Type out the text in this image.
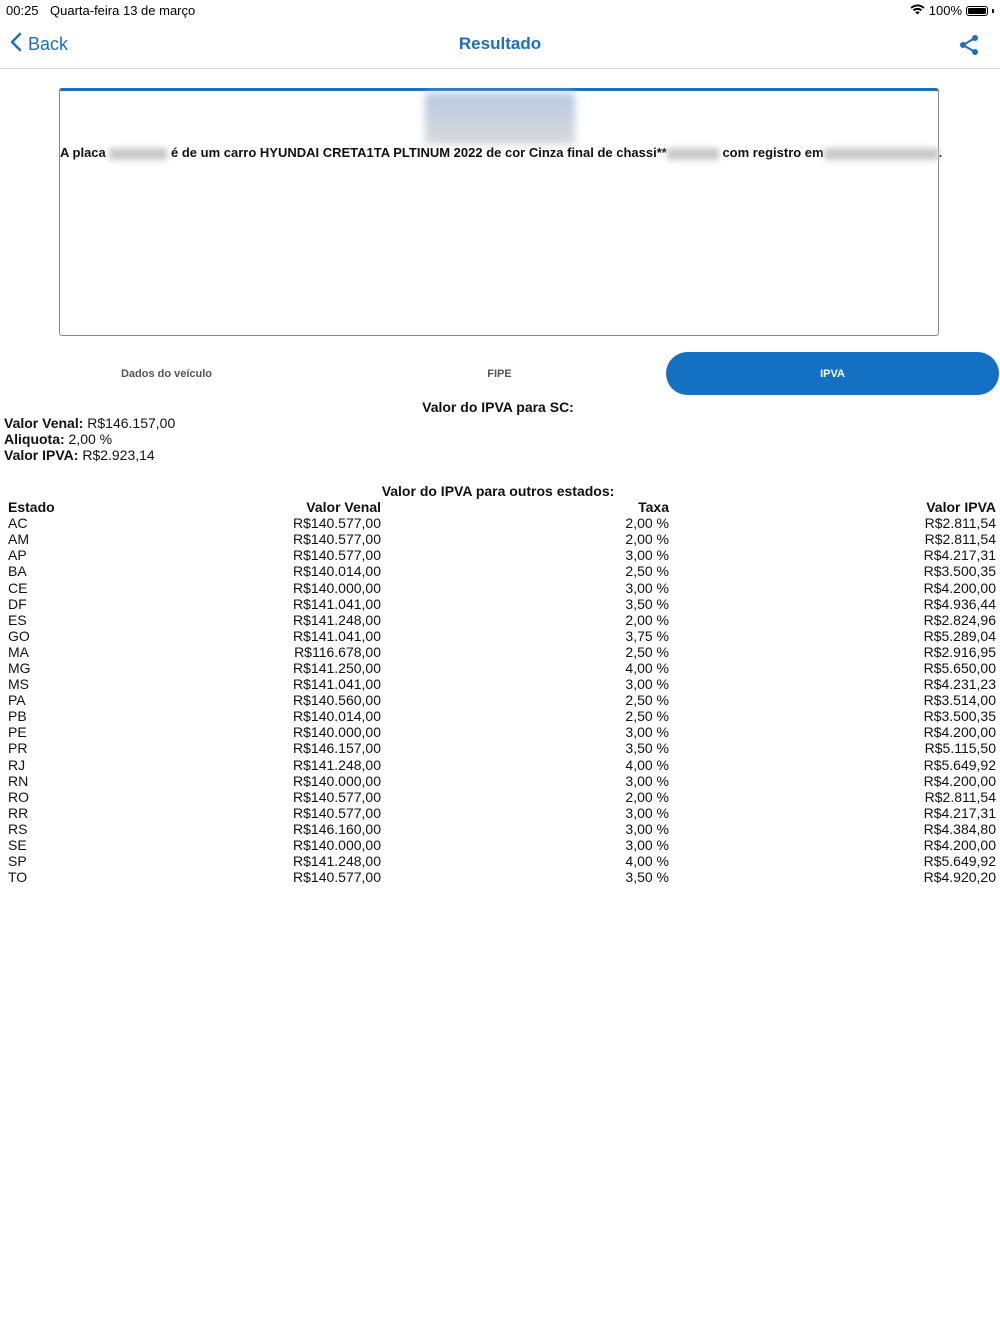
00:25 Quarta-feira 13 de março	100%
Back	Resultado
A placa	é de um carro HYUNDAI CRETA1TA PLTINUM 2022 de cor Cinza final de chassi**	com registro em	.
Dados do veículo	FIPE	IPVA
Valor do IPVA para SC:
Valor Venal: R$146.157,00
Aliquota: 2,00 %
Valor IPVA: R$2.923,14
Valor do IPVA para outros estados:
Estado	Valor Venal	Taxa	Valor IPVA
AC	R$140.577,00	2,00 %	R$2.811,54
AM	R$140.577,00	2,00 %	R$2.811,54
AP	R$140.577,00	3,00 %	R$4.217,31
BA	R$140.014,00	2,50 %	R$3.500,35
CE	R$140.000,00	3,00 %	R$4.200,00
DF	R$141.041,00	3,50 %	R$4.936,44
ES	R$141.248,00	2,00 %	R$2.824,96
GO	R$141.041,00	3,75 %	R$5.289,04
MA	R$116.678,00	2,50 %	R$2.916,95
MG	R$141.250,00	4,00 %	R$5.650,00
MS	R$141.041,00	3,00 %	R$4.231,23
PA	R$140.560,00	2,50 %	R$3.514,00
PB	R$140.014,00	2,50 %	R$3.500,35
PE	R$140.000,00	3,00 %	R$4.200,00
PR	R$146.157,00	3,50 %	R$5.115,50
RJ	R$141.248,00	4,00 %	R$5.649,92
RN	R$140.000,00	3,00 %	R$4.200,00
RO	R$140.577,00	2,00 %	R$2.811,54
RR	R$140.577,00	3,00 %	R$4.217,31
RS	R$146.160,00	3,00 %	R$4.384,80
SE	R$140.000,00	3,00 %	R$4.200,00
SP	R$141.248,00	4,00 %	R$5.649,92
TO	R$140.577,00	3,50 %	R$4.920,20
